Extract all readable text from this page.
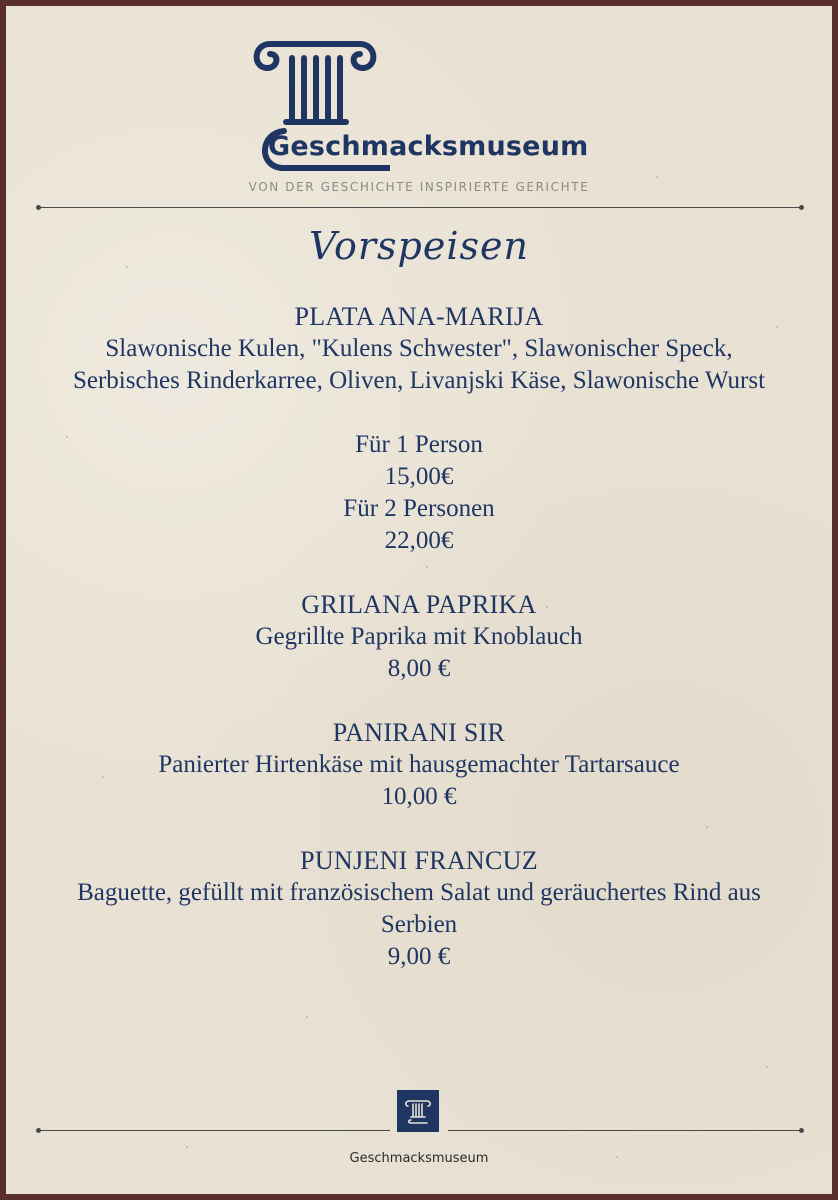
Geschmacksmuseum
VON DER GESCHICHTE INSPIRIERTE GERICHTE
Vorspeisen
PLATA ANA-MARIJA
Slawonische Kulen, "Kulens Schwester", Slawonischer Speck,
Serbisches Rinderkarree, Oliven, Livanjski Käse, Slawonische Wurst
Für 1 Person
15,00€
Für 2 Personen
22,00€
GRILANA PAPRIKA
Gegrillte Paprika mit Knoblauch
8,00 €
PANIRANI SIR
Panierter Hirtenkäse mit hausgemachter Tartarsauce
10,00 €
PUNJENI FRANCUZ
Baguette, gefüllt mit französischem Salat und geräuchertes Rind aus
Serbien
9,00 €
Geschmacksmuseum
